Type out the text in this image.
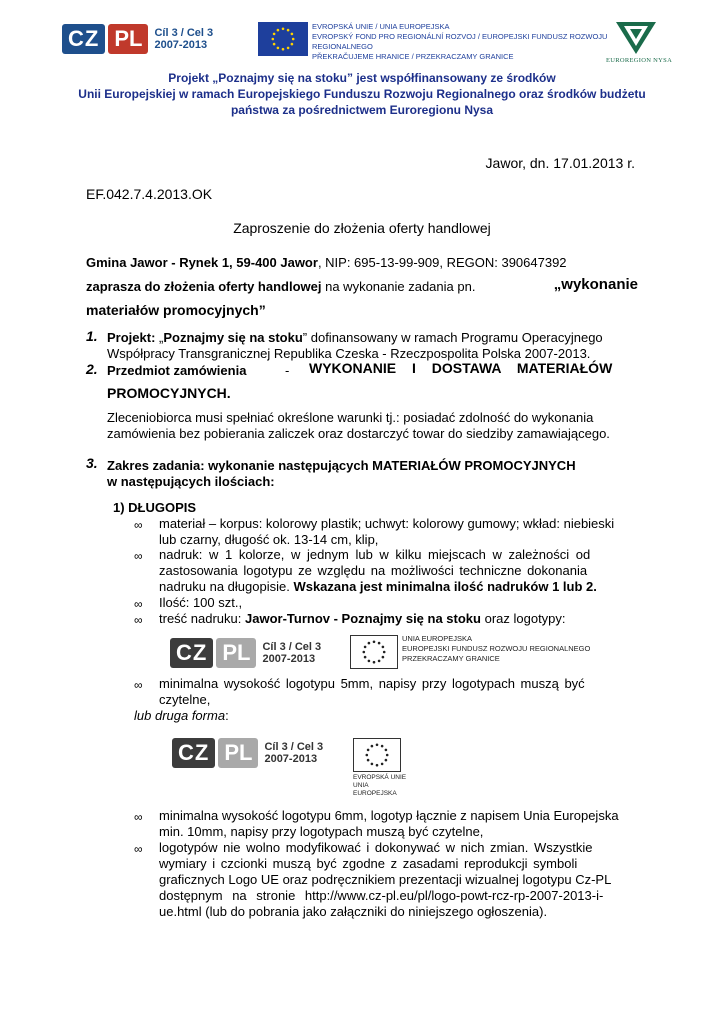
CZ PL	Cíl 3 / Cel 3
2007-2013
EVROPSKÁ UNIE / UNIA EUROPEJSKA
EVROPSKÝ FOND PRO REGIONÁLNÍ ROZVOJ / EUROPEJSKI FUNDUSZ ROZWOJU REGIONALNEGO
PŘEKRAČUJEME HRANICE / PRZEKRACZAMY GRANICE	EUROREGION NYSA
Projekt „Poznajmy się na stoku” jest współfinansowany ze środków
Unii Europejskiej w ramach Europejskiego Funduszu Rozwoju Regionalnego oraz środków budżetu
państwa za pośrednictwem Euroregionu Nysa
Jawor, dn. 17.01.2013 r.
EF.042.7.4.2013.OK
Zaproszenie do złożenia oferty handlowej
Gmina Jawor - Rynek 1, 59-400 Jawor, NIP: 695-13-99-909, REGON: 390647392
zaprasza do złożenia oferty handlowej na wykonanie zadania pn.	„wykonanie
materiałów promocyjnych”
1. Projekt: „Poznajmy się na stoku” dofinansowany w ramach Programu Operacyjnego
Współpracy Transgranicznej Republika Czeska - Rzeczpospolita Polska 2007-2013.
2. Przedmiot zamówienia	- WYKONANIE I DOSTAWA MATERIAŁÓW
PROMOCYJNYCH.
Zleceniobiorca musi spełniać określone warunki tj.: posiadać zdolność do wykonania
zamówienia bez pobierania zaliczek oraz dostarczyć towar do siedziby zamawiającego.
3. Zakres zadania: wykonanie następujących MATERIAŁÓW PROMOCYJNYCH
w następujących ilościach:
1) DŁUGOPIS
∞ materiał – korpus: kolorowy plastik; uchwyt: kolorowy gumowy; wkład: niebieski
lub czarny, długość ok. 13-14 cm, klip,
∞ nadruk: w 1 kolorze, w jednym lub w kilku miejscach w zależności od
zastosowania logotypu ze względu na możliwości techniczne dokonania
nadruku na długopisie. Wskazana jest minimalna ilość nadruków 1 lub 2.
∞ Ilość: 100 szt.,
∞ treść nadruku: Jawor-Turnov - Poznajmy się na stoku oraz logotypy:
CZ PL	Cíl 3 / Cel 3
2007-2013
UNIA EUROPEJSKA
EUROPEJSKI FUNDUSZ ROZWOJU REGIONALNEGO
PRZEKRACZAMY GRANICE
∞ minimalna wysokość logotypu 5mm, napisy przy logotypach muszą być
czytelne,
lub druga forma:
CZ PL	Cíl 3 / Cel 3
2007-2013
EVROPSKÁ UNIE
UNIA EUROPEJSKA
∞ minimalna wysokość logotypu 6mm, logotyp łącznie z napisem Unia Europejska
min. 10mm, napisy przy logotypach muszą być czytelne,
∞ logotypów nie wolno modyfikować i dokonywać w nich zmian. Wszystkie
wymiary i czcionki muszą być zgodne z zasadami reprodukcji symboli
graficznych Logo UE oraz podręcznikiem prezentacji wizualnej logotypu Cz-PL
dostępnym na stronie http://www.cz-pl.eu/pl/logo-powt-rcz-rp-2007-2013-i-
ue.html (lub do pobrania jako załączniki do niniejszego ogłoszenia).
